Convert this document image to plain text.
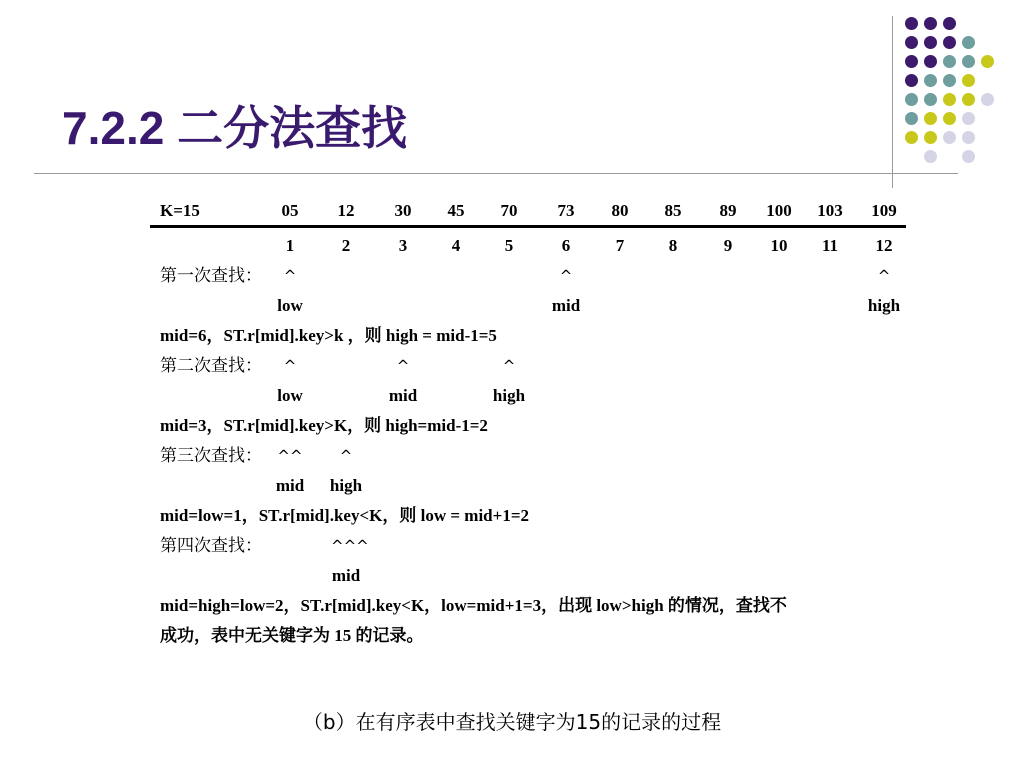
7.2.2 二分法查找
K=15	05	12	30	45	70	73	80	85	89	100	103	109
1	2	3	4	5	6	7	8	9	10	11	12
第一次查找：	^	^	^
low	mid	high
mid=6，ST.r[mid].key>k ，则 high = mid-1=5
第二次查找：	^	^	^
low	mid	high
mid=3，ST.r[mid].key>K，则 high=mid-1=2
第三次查找： ^^	^
mid	high
mid=low=1，ST.r[mid].key<K，则 low = mid+1=2
第四次查找：	^^^
mid
mid=high=low=2，ST.r[mid].key<K，low=mid+1=3，出现 low>high 的情况，查找不
成功，表中无关键字为 15 的记录。
（b）在有序表中查找关键字为15的记录的过程
